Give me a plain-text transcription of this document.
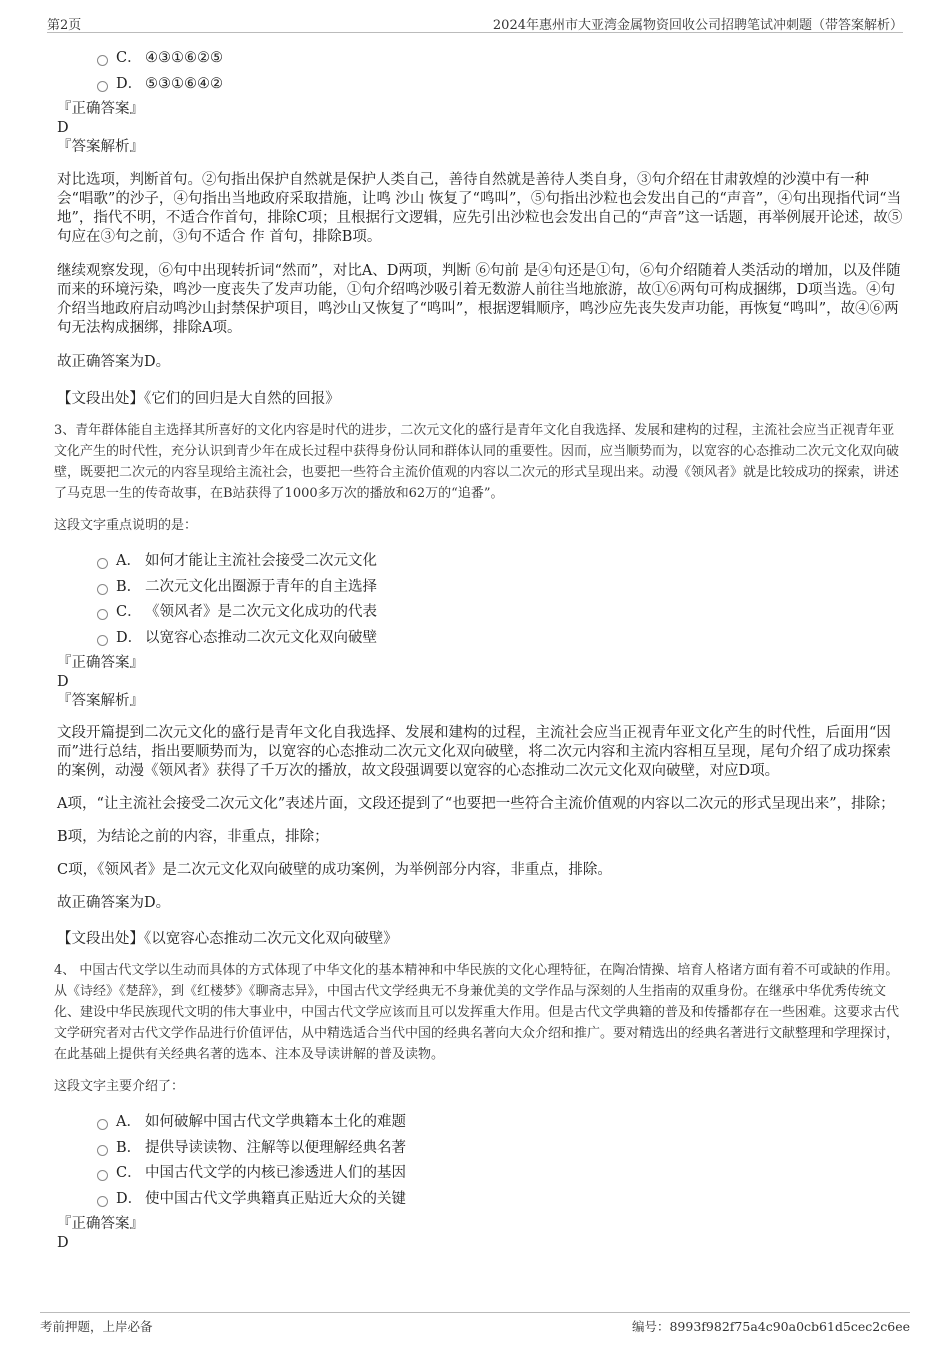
第2页	2024年惠州市大亚湾金属物资回收公司招聘笔试冲刺题（带答案解析）
C． ④③①⑥②⑤
D． ⑤③①⑥④②
『正确答案』
D
『答案解析』

对比选项，判断首句。②句指出保护自然就是保护人类自己，善待自然就是善待人类自身，③句介绍在甘肃敦煌的沙漠中有一种会“唱歌”的沙子，④句指出当地政府采取措施，让鸣 沙山 恢复了“鸣叫”，⑤句指出沙粒也会发出自己的“声音”，④句出现指代词“当地”，指代不明，不适合作首句，排除C项；且根据行文逻辑，应先引出沙粒也会发出自己的“声音”这一话题，再举例展开论述，故⑤句应在③句之前，③句不适合 作 首句，排除B项。

继续观察发现，⑥句中出现转折词“然而”，对比A、D两项，判断 ⑥句前 是④句还是①句，⑥句介绍随着人类活动的增加，以及伴随而来的环境污染，鸣沙一度丧失了发声功能，①句介绍鸣沙吸引着无数游人前往当地旅游，故①⑥两句可构成捆绑，D项当选。④句介绍当地政府启动鸣沙山封禁保护项目，鸣沙山又恢复了“鸣叫”，根据逻辑顺序，鸣沙应先丧失发声功能，再恢复“鸣叫”，故④⑥两句无法构成捆绑，排除A项。

故正确答案为D。

【文段出处】《它们的回归是大自然的回报》

3、青年群体能自主选择其所喜好的文化内容是时代的进步，二次元文化的盛行是青年文化自我选择、发展和建构的过程，主流社会应当正视青年亚文化产生的时代性，充分认识到青少年在成长过程中获得身份认同和群体认同的重要性。因而，应当顺势而为，以宽容的心态推动二次元文化双向破壁，既要把二次元的内容呈现给主流社会，也要把一些符合主流价值观的内容以二次元的形式呈现出来。动漫《领风者》就是比较成功的探索，讲述了马克思一生的传奇故事，在B站获得了1000多万次的播放和62万的“追番”。

这段文字重点说明的是：
A． 如何才能让主流社会接受二次元文化
B． 二次元文化出圈源于青年的自主选择
C． 《领风者》是二次元文化成功的代表
D． 以宽容心态推动二次元文化双向破壁
『正确答案』
D
『答案解析』

文段开篇提到二次元文化的盛行是青年文化自我选择、发展和建构的过程，主流社会应当正视青年亚文化产生的时代性，后面用“因而”进行总结，指出要顺势而为，以宽容的心态推动二次元文化双向破壁，将二次元内容和主流内容相互呈现，尾句介绍了成功探索的案例，动漫《领风者》获得了千万次的播放，故文段强调要以宽容的心态推动二次元文化双向破壁，对应D项。

A项，“让主流社会接受二次元文化”表述片面，文段还提到了“也要把一些符合主流价值观的内容以二次元的形式呈现出来”，排除；

B项，为结论之前的内容，非重点，排除；

C项，《领风者》是二次元文化双向破壁的成功案例，为举例部分内容，非重点，排除。

故正确答案为D。

【文段出处】《以宽容心态推动二次元文化双向破壁》

4、 中国古代文学以生动而具体的方式体现了中华文化的基本精神和中华民族的文化心理特征，在陶冶情操、培育人格诸方面有着不可或缺的作用。从《诗经》《楚辞》，到《红楼梦》《聊斋志异》，中国古代文学经典无不身兼优美的文学作品与深刻的人生指南的双重身份。在继承中华优秀传统文化、建设中华民族现代文明的伟大事业中，中国古代文学应该而且可以发挥重大作用。但是古代文学典籍的普及和传播都存在一些困难。这要求古代文学研究者对古代文学作品进行价值评估，从中精选适合当代中国的经典名著向大众介绍和推广。要对精选出的经典名著进行文献整理和学理探讨，在此基础上提供有关经典名著的选本、注本及导读讲解的普及读物。

这段文字主要介绍了：
A． 如何破解中国古代文学典籍本土化的难题
B． 提供导读读物、注解等以便理解经典名著
C． 中国古代文学的内核已渗透进人们的基因
D． 使中国古代文学典籍真正贴近大众的关键
『正确答案』
D
考前押题，上岸必备	编号：8993f982f75a4c90a0cb61d5cec2c6ee
